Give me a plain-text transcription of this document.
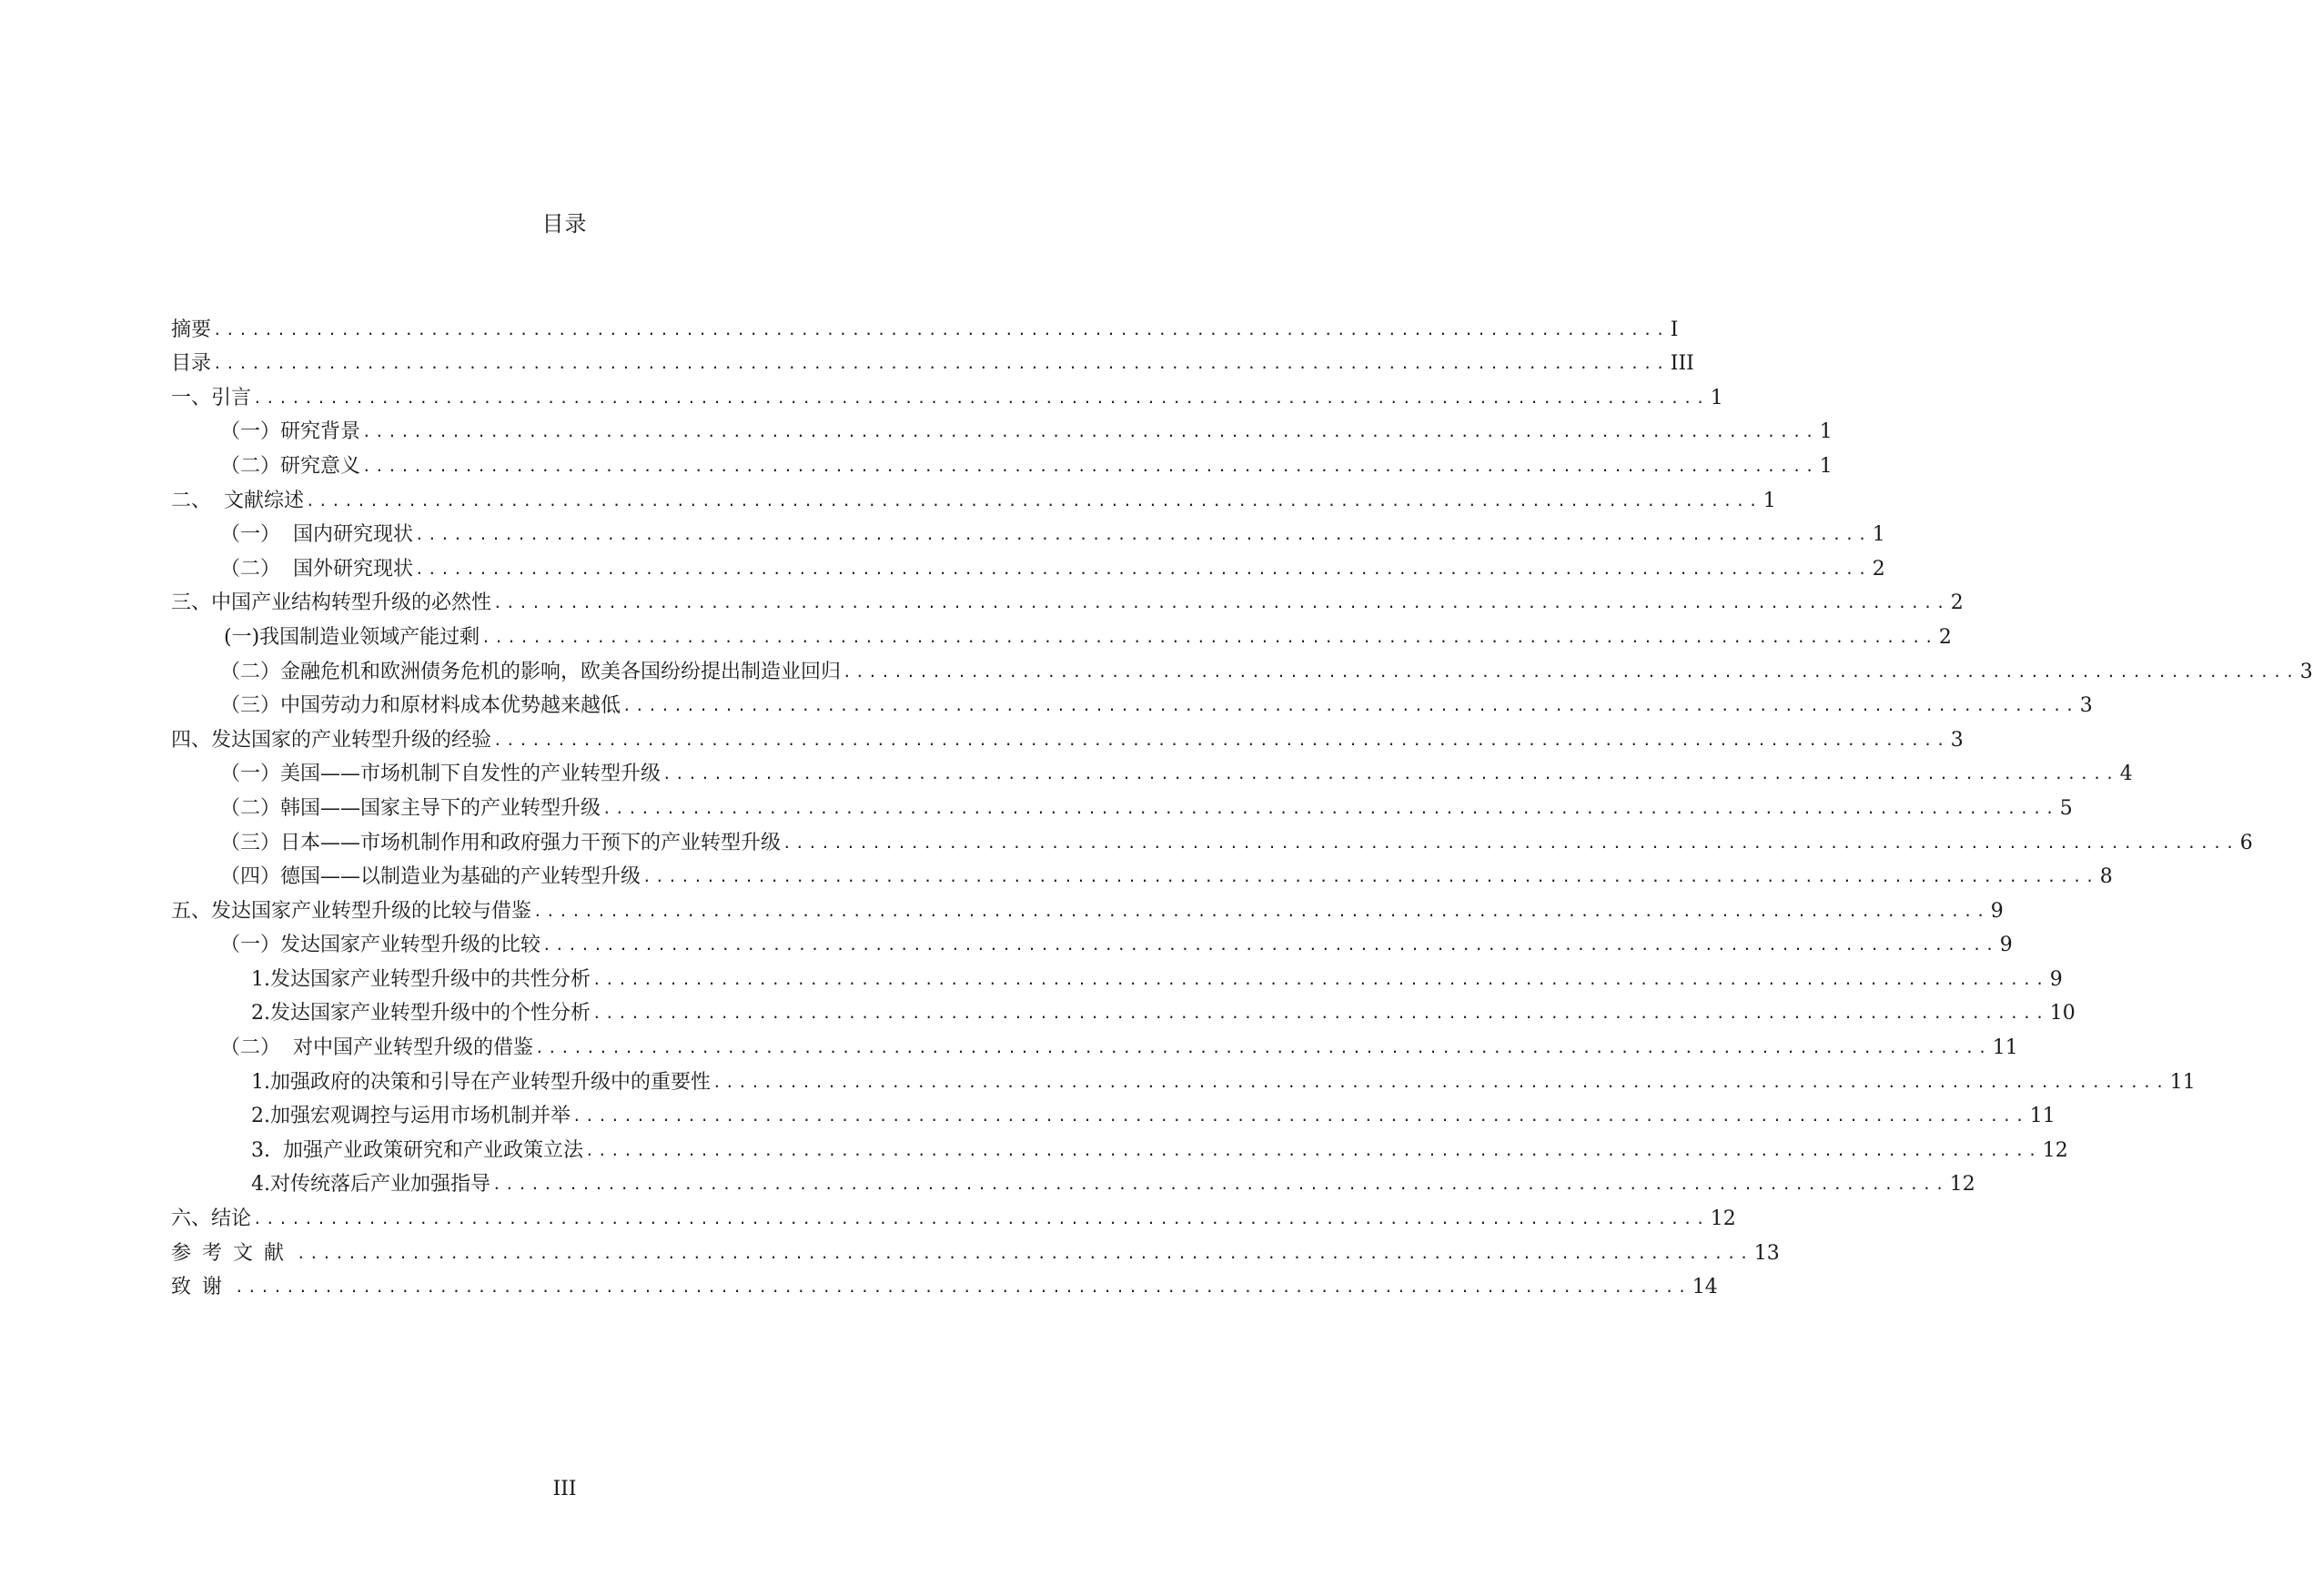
目录
摘要 .................................................................................................................. I
目录 .................................................................................................................. III
一、引言 .................................................................................................................. 1
（一）研究背景 .................................................................................................................. 1
（二）研究意义 .................................................................................................................. 1
二、  文献综述 .................................................................................................................. 1
（一）  国内研究现状 .................................................................................................................. 1
（二）  国外研究现状 .................................................................................................................. 2
三、中国产业结构转型升级的必然性 .................................................................................................................. 2
(一)我国制造业领域产能过剩 .................................................................................................................. 2
（二）金融危机和欧洲债务危机的影响，欧美各国纷纷提出制造业回归 .................................................................................................................. 3
（三）中国劳动力和原材料成本优势越来越低 .................................................................................................................. 3
四、发达国家的产业转型升级的经验 .................................................................................................................. 3
（一）美国——市场机制下自发性的产业转型升级 .................................................................................................................. 4
（二）韩国——国家主导下的产业转型升级 .................................................................................................................. 5
（三）日本——市场机制作用和政府强力干预下的产业转型升级 .................................................................................................................. 6
（四）德国——以制造业为基础的产业转型升级 .................................................................................................................. 8
五、发达国家产业转型升级的比较与借鉴 .................................................................................................................. 9
（一）发达国家产业转型升级的比较 .................................................................................................................. 9
1.发达国家产业转型升级中的共性分析 .................................................................................................................. 9
2.发达国家产业转型升级中的个性分析 .................................................................................................................. 10
（二）  对中国产业转型升级的借鉴 .................................................................................................................. 11
1.加强政府的决策和引导在产业转型升级中的重要性 .................................................................................................................. 11
2.加强宏观调控与运用市场机制并举 .................................................................................................................. 11
3.  加强产业政策研究和产业政策立法 .................................................................................................................. 12
4.对传统落后产业加强指导 .................................................................................................................. 12
六、结论 .................................................................................................................. 12
参考文献 .................................................................................................................. 13
致谢 .................................................................................................................. 14
III
